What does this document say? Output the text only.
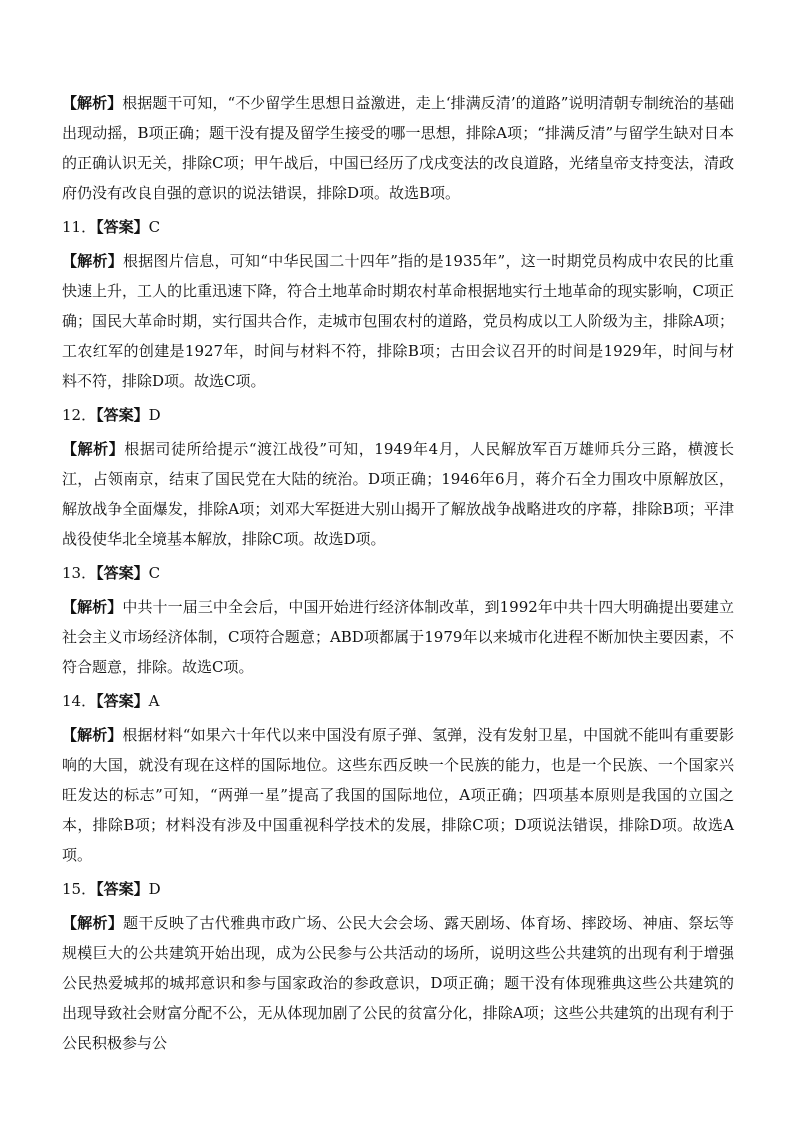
【解析】根据题干可知，“不少留学生思想日益激进，走上‘排满反清’的道路”说明清朝专制统治的基础出现动摇，B项正确；题干没有提及留学生接受的哪一思想，排除A项；“排满反清”与留学生缺对日本的正确认识无关，排除C项；甲午战后，中国已经历了戊戌变法的改良道路，光绪皇帝支持变法，清政府仍没有改良自强的意识的说法错误，排除D项。故选B项。

11．【答案】C

【解析】根据图片信息，可知“中华民国二十四年”指的是1935年”，这一时期党员构成中农民的比重快速上升，工人的比重迅速下降，符合土地革命时期农村革命根据地实行土地革命的现实影响，C项正确；国民大革命时期，实行国共合作，走城市包围农村的道路，党员构成以工人阶级为主，排除A项；工农红军的创建是1927年，时间与材料不符，排除B项；古田会议召开的时间是1929年，时间与材料不符，排除D项。故选C项。

12．【答案】D

【解析】根据司徒所给提示“渡江战役”可知，1949年4月，人民解放军百万雄师兵分三路，横渡长江，占领南京，结束了国民党在大陆的统治。D项正确；1946年6月，蒋介石全力围攻中原解放区，解放战争全面爆发，排除A项；刘邓大军挺进大别山揭开了解放战争战略进攻的序幕，排除B项；平津战役使华北全境基本解放，排除C项。故选D项。

13．【答案】C

【解析】中共十一届三中全会后，中国开始进行经济体制改革，到1992年中共十四大明确提出要建立社会主义市场经济体制，C项符合题意；ABD项都属于1979年以来城市化进程不断加快主要因素，不符合题意，排除。故选C项。

14．【答案】A

【解析】根据材料“如果六十年代以来中国没有原子弹、氢弹，没有发射卫星，中国就不能叫有重要影响的大国，就没有现在这样的国际地位。这些东西反映一个民族的能力，也是一个民族、一个国家兴旺发达的标志”可知，“两弹一星”提高了我国的国际地位，A项正确；四项基本原则是我国的立国之本，排除B项；材料没有涉及中国重视科学技术的发展，排除C项；D项说法错误，排除D项。故选A项。

15．【答案】D

【解析】题干反映了古代雅典市政广场、公民大会会场、露天剧场、体育场、摔跤场、神庙、祭坛等规模巨大的公共建筑开始出现，成为公民参与公共活动的场所，说明这些公共建筑的出现有利于增强公民热爱城邦的城邦意识和参与国家政治的参政意识，D项正确；题干没有体现雅典这些公共建筑的出现导致社会财富分配不公，无从体现加剧了公民的贫富分化，排除A项；这些公共建筑的出现有利于公民积极参与公
